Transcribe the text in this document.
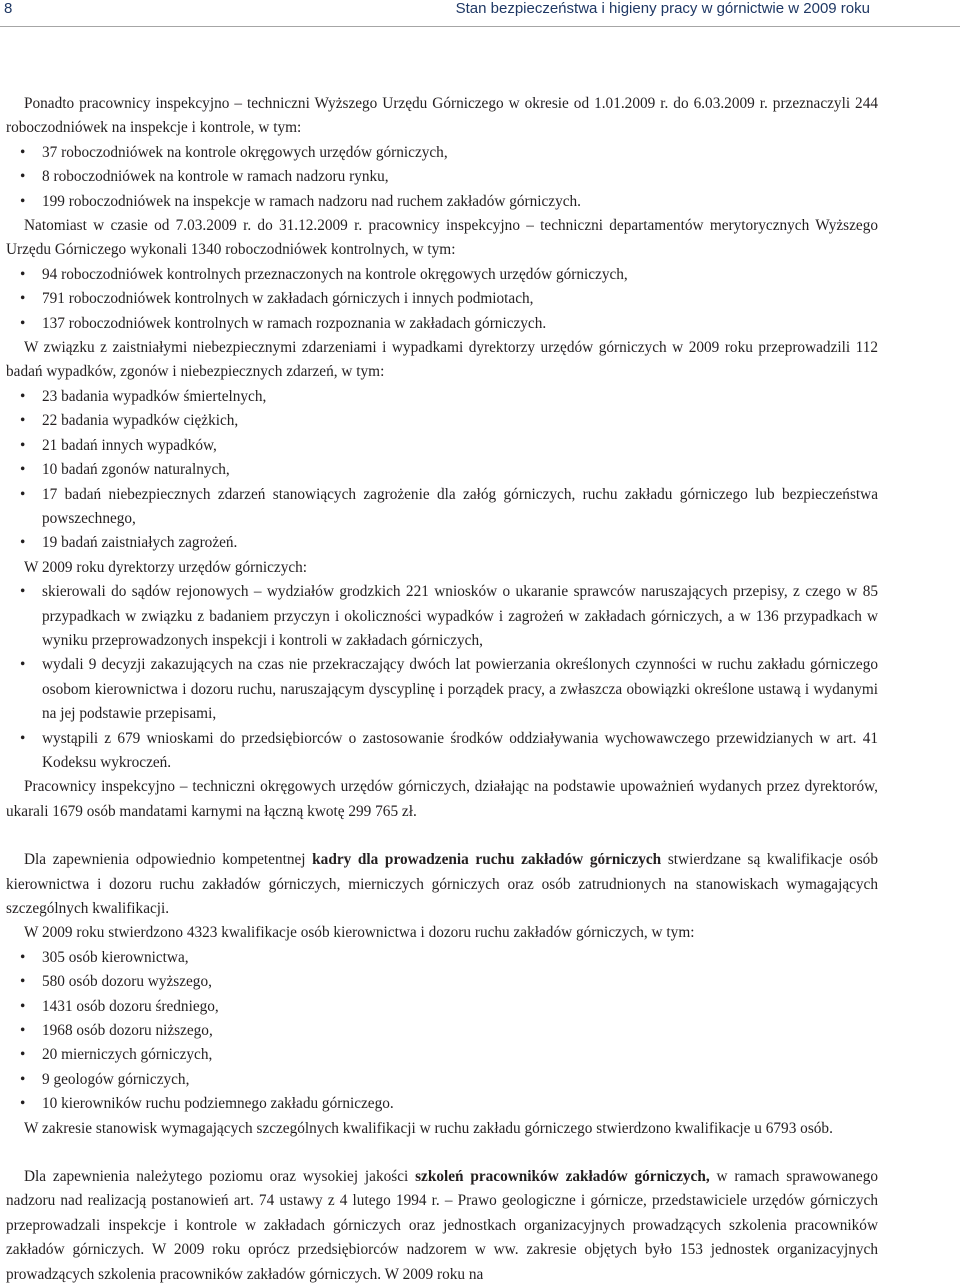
8	Stan bezpieczeństwa i higieny pracy w górnictwie w 2009 roku

Ponadto pracownicy inspekcyjno – techniczni Wyższego Urzędu Górniczego w okresie od 1.01.2009 r. do 6.03.2009 r. przeznaczyli 244 roboczodniówek na inspekcje i kontrole, w tym:

• 37 roboczodniówek na kontrole okręgowych urzędów górniczych,
• 8 roboczodniówek na kontrole w ramach nadzoru rynku,
• 199 roboczodniówek na inspekcje w ramach nadzoru nad ruchem zakładów górniczych.

Natomiast w czasie od 7.03.2009 r. do 31.12.2009 r. pracownicy inspekcyjno – techniczni departamentów merytorycznych Wyższego Urzędu Górniczego wykonali 1340 roboczodniówek kontrolnych, w tym:

• 94 roboczodniówek kontrolnych przeznaczonych na kontrole okręgowych urzędów górniczych,
• 791 roboczodniówek kontrolnych w zakładach górniczych i innych podmiotach,
• 137 roboczodniówek kontrolnych w ramach rozpoznania w zakładach górniczych.

W związku z zaistniałymi niebezpiecznymi zdarzeniami i wypadkami dyrektorzy urzędów górniczych w 2009 roku przeprowadzili 112 badań wypadków, zgonów i niebezpiecznych zdarzeń, w tym:

• 23 badania wypadków śmiertelnych,
• 22 badania wypadków ciężkich,
• 21 badań innych wypadków,
• 10 badań zgonów naturalnych,
• 17 badań niebezpiecznych zdarzeń stanowiących zagrożenie dla załóg górniczych, ruchu zakładu górniczego lub bezpieczeństwa powszechnego,
• 19 badań zaistniałych zagrożeń.

W 2009 roku dyrektorzy urzędów górniczych:

• skierowali do sądów rejonowych – wydziałów grodzkich 221 wniosków o ukaranie sprawców naruszających przepisy, z czego w 85 przypadkach w związku z badaniem przyczyn i okoliczności wypadków i zagrożeń w zakładach górniczych, a w 136 przypadkach w wyniku przeprowadzonych inspekcji i kontroli w zakładach górniczych,
• wydali 9 decyzji zakazujących na czas nie przekraczający dwóch lat powierzania określonych czynności w ruchu zakładu górniczego osobom kierownictwa i dozoru ruchu, naruszającym dyscyplinę i porządek pracy, a zwłaszcza obowiązki określone ustawą i wydanymi na jej podstawie przepisami,
• wystąpili z 679 wnioskami do przedsiębiorców o zastosowanie środków oddziaływania wychowawczego przewidzianych w art. 41 Kodeksu wykroczeń.

Pracownicy inspekcyjno – techniczni okręgowych urzędów górniczych, działając na podstawie upoważnień wydanych przez dyrektorów, ukarali 1679 osób mandatami karnymi na łączną kwotę 299 765 zł.

Dla zapewnienia odpowiednio kompetentnej kadry dla prowadzenia ruchu zakładów górniczych stwierdzane są kwalifikacje osób kierownictwa i dozoru ruchu zakładów górniczych, mierniczych górniczych oraz osób zatrudnionych na stanowiskach wymagających szczególnych kwalifikacji.

W 2009 roku stwierdzono 4323 kwalifikacje osób kierownictwa i dozoru ruchu zakładów górniczych, w tym:

• 305 osób kierownictwa,
• 580 osób dozoru wyższego,
• 1431 osób dozoru średniego,
• 1968 osób dozoru niższego,
• 20 mierniczych górniczych,
• 9 geologów górniczych,
• 10 kierowników ruchu podziemnego zakładu górniczego.

W zakresie stanowisk wymagających szczególnych kwalifikacji w ruchu zakładu górniczego stwierdzono kwalifikacje u 6793 osób.

Dla zapewnienia należytego poziomu oraz wysokiej jakości szkoleń pracowników zakładów górniczych, w ramach sprawowanego nadzoru nad realizacją postanowień art. 74 ustawy z 4 lutego 1994 r. – Prawo geologiczne i górnicze, przedstawiciele urzędów górniczych przeprowadzali inspekcje i kontrole w zakładach górniczych oraz jednostkach organizacyjnych prowadzących szkolenia pracowników zakładów górniczych. W 2009 roku oprócz przedsiębiorców nadzorem w ww. zakresie objętych było 153 jednostek organizacyjnych prowadzących szkolenia pracowników zakładów górniczych. W 2009 roku na
